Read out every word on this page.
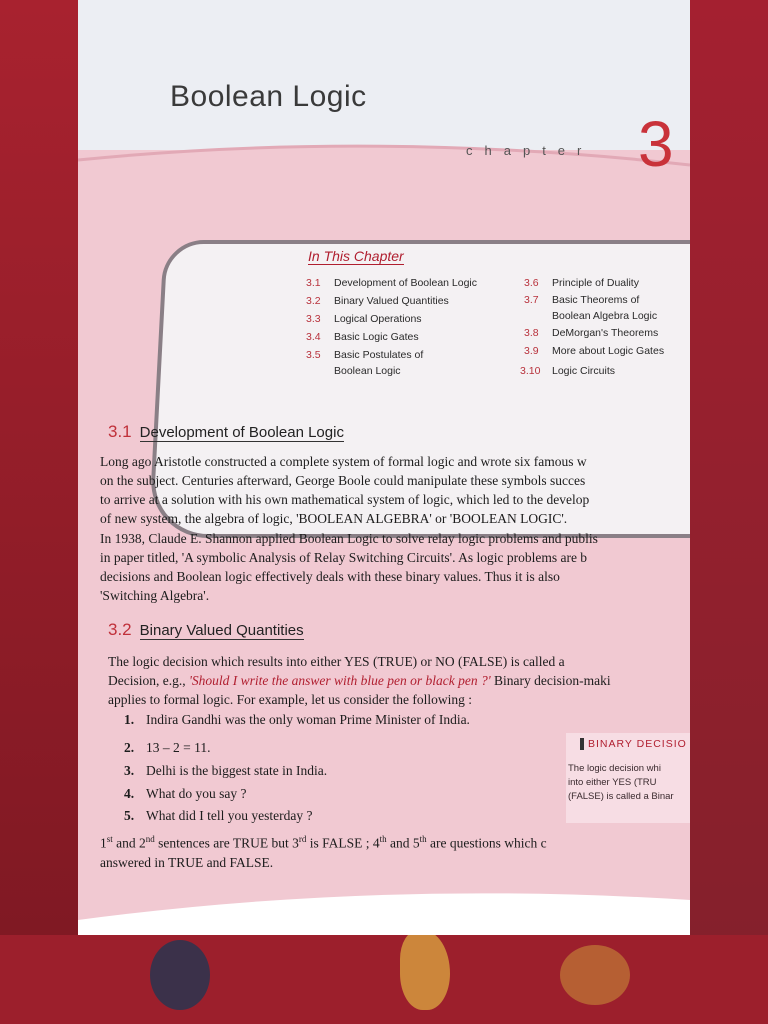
Boolean Logic
chapter 3
In This Chapter
3.1 Development of Boolean Logic
3.2 Binary Valued Quantities
3.3 Logical Operations
3.4 Basic Logic Gates
3.5 Basic Postulates of
Boolean Logic
3.6 Principle of Duality
3.7 Basic Theorems of
Boolean Algebra Logic
3.8 DeMorgan's Theorems
3.9 More about Logic Gates
3.10 Logic Circuits
3.1 Development of Boolean Logic
Long ago Aristotle constructed a complete system of formal logic and wrote six famous w
on the subject. Centuries afterward, George Boole could manipulate these symbols succes
to arrive at a solution with his own mathematical system of logic, which led to the develop
of new system, the algebra of logic, 'BOOLEAN ALGEBRA' or 'BOOLEAN LOGIC'.
In 1938, Claude E. Shannon applied Boolean Logic to solve relay logic problems and publis
in paper titled, 'A symbolic Analysis of Relay Switching Circuits'. As logic problems are b
decisions and Boolean logic effectively deals with these binary values. Thus it is also
'Switching Algebra'.
3.2 Binary Valued Quantities
The logic decision which results into either YES (TRUE) or NO (FALSE) is called a
Decision, e.g., 'Should I write the answer with blue pen or black pen ?' Binary decision-maki
applies to formal logic. For example, let us consider the following :
1. Indira Gandhi was the only woman Prime Minister of India.
2. 13 – 2 = 11.
3. Delhi is the biggest state in India.
4. What do you say ?
5. What did I tell you yesterday ?
BINARY DECISIO
The logic decision whi
into either YES (TRU
(FALSE) is called a Binar
1st and 2nd sentences are TRUE but 3rd is FALSE ; 4th and 5th are questions which c
answered in TRUE and FALSE.
